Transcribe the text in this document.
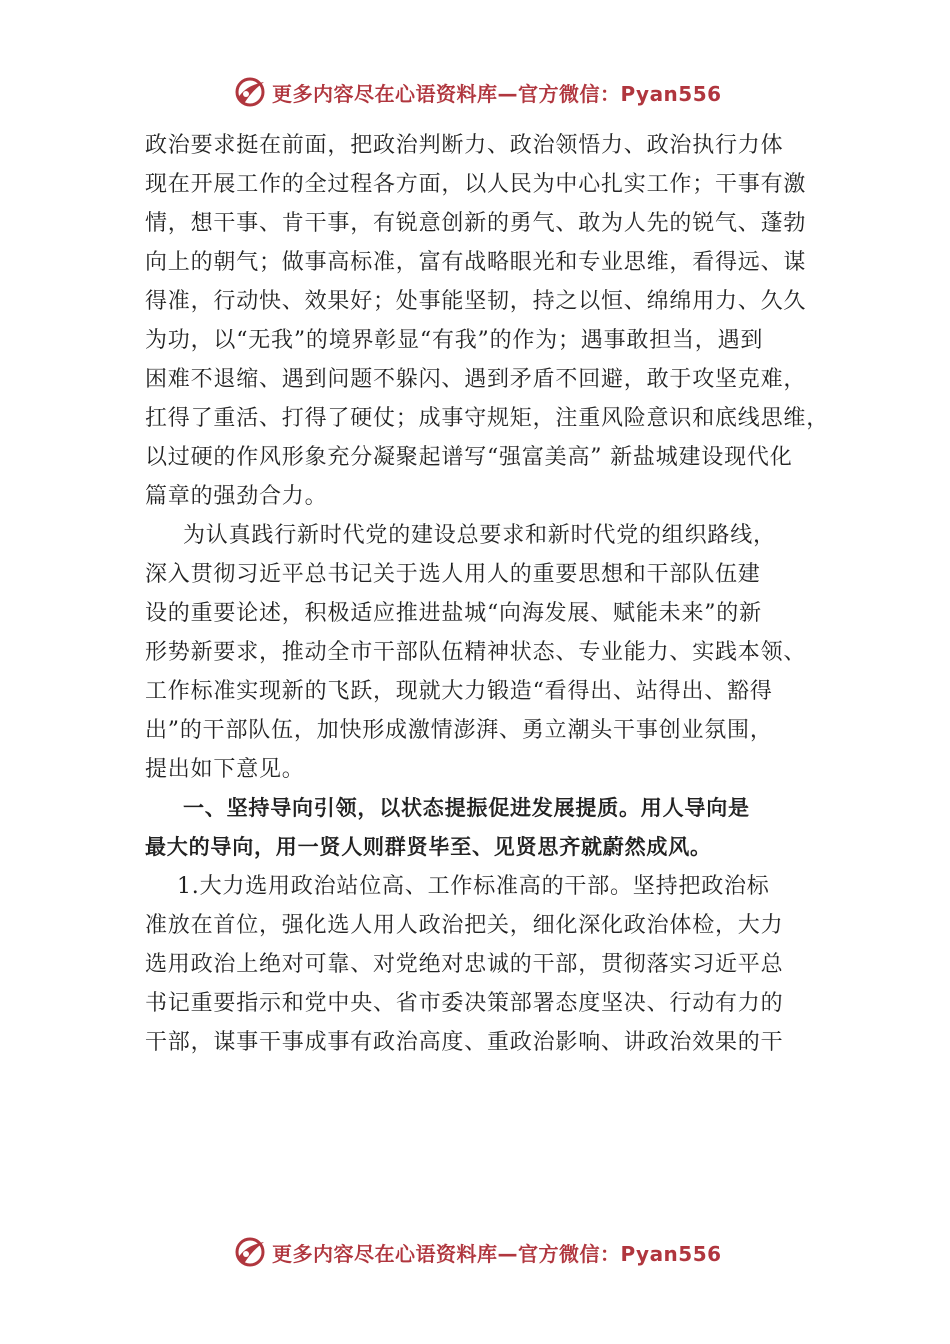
更多内容尽在心语资料库—官方微信：Pyan556
政治要求挺在前面，把政治判断力、政治领悟力、政治执行力体
现在开展工作的全过程各方面，以人民为中心扎实工作；干事有激
情，想干事、肯干事，有锐意创新的勇气、敢为人先的锐气、蓬勃
向上的朝气；做事高标准，富有战略眼光和专业思维，看得远、谋
得准，行动快、效果好；处事能坚韧，持之以恒、绵绵用力、久久
为功，以“无我”的境界彰显“有我”的作为；遇事敢担当，遇到
困难不退缩、遇到问题不躲闪、遇到矛盾不回避，敢于攻坚克难，
扛得了重活、打得了硬仗；成事守规矩，注重风险意识和底线思维，
以过硬的作风形象充分凝聚起谱写“强富美高” 新盐城建设现代化
篇章的强劲合力。
为认真践行新时代党的建设总要求和新时代党的组织路线，
深入贯彻习近平总书记关于选人用人的重要思想和干部队伍建
设的重要论述，积极适应推进盐城“向海发展、赋能未来”的新
形势新要求，推动全市干部队伍精神状态、专业能力、实践本领、
工作标准实现新的飞跃，现就大力锻造“看得出、站得出、豁得
出”的干部队伍，加快形成激情澎湃、勇立潮头干事创业氛围，
提出如下意见。
一、坚持导向引领，以状态提振促进发展提质。用人导向是
最大的导向，用一贤人则群贤毕至、见贤思齐就蔚然成风。
1.大力选用政治站位高、工作标准高的干部。坚持把政治标
准放在首位，强化选人用人政治把关，细化深化政治体检，大力
选用政治上绝对可靠、对党绝对忠诚的干部，贯彻落实习近平总
书记重要指示和党中央、省市委决策部署态度坚决、行动有力的
干部，谋事干事成事有政治高度、重政治影响、讲政治效果的干
更多内容尽在心语资料库—官方微信：Pyan556
